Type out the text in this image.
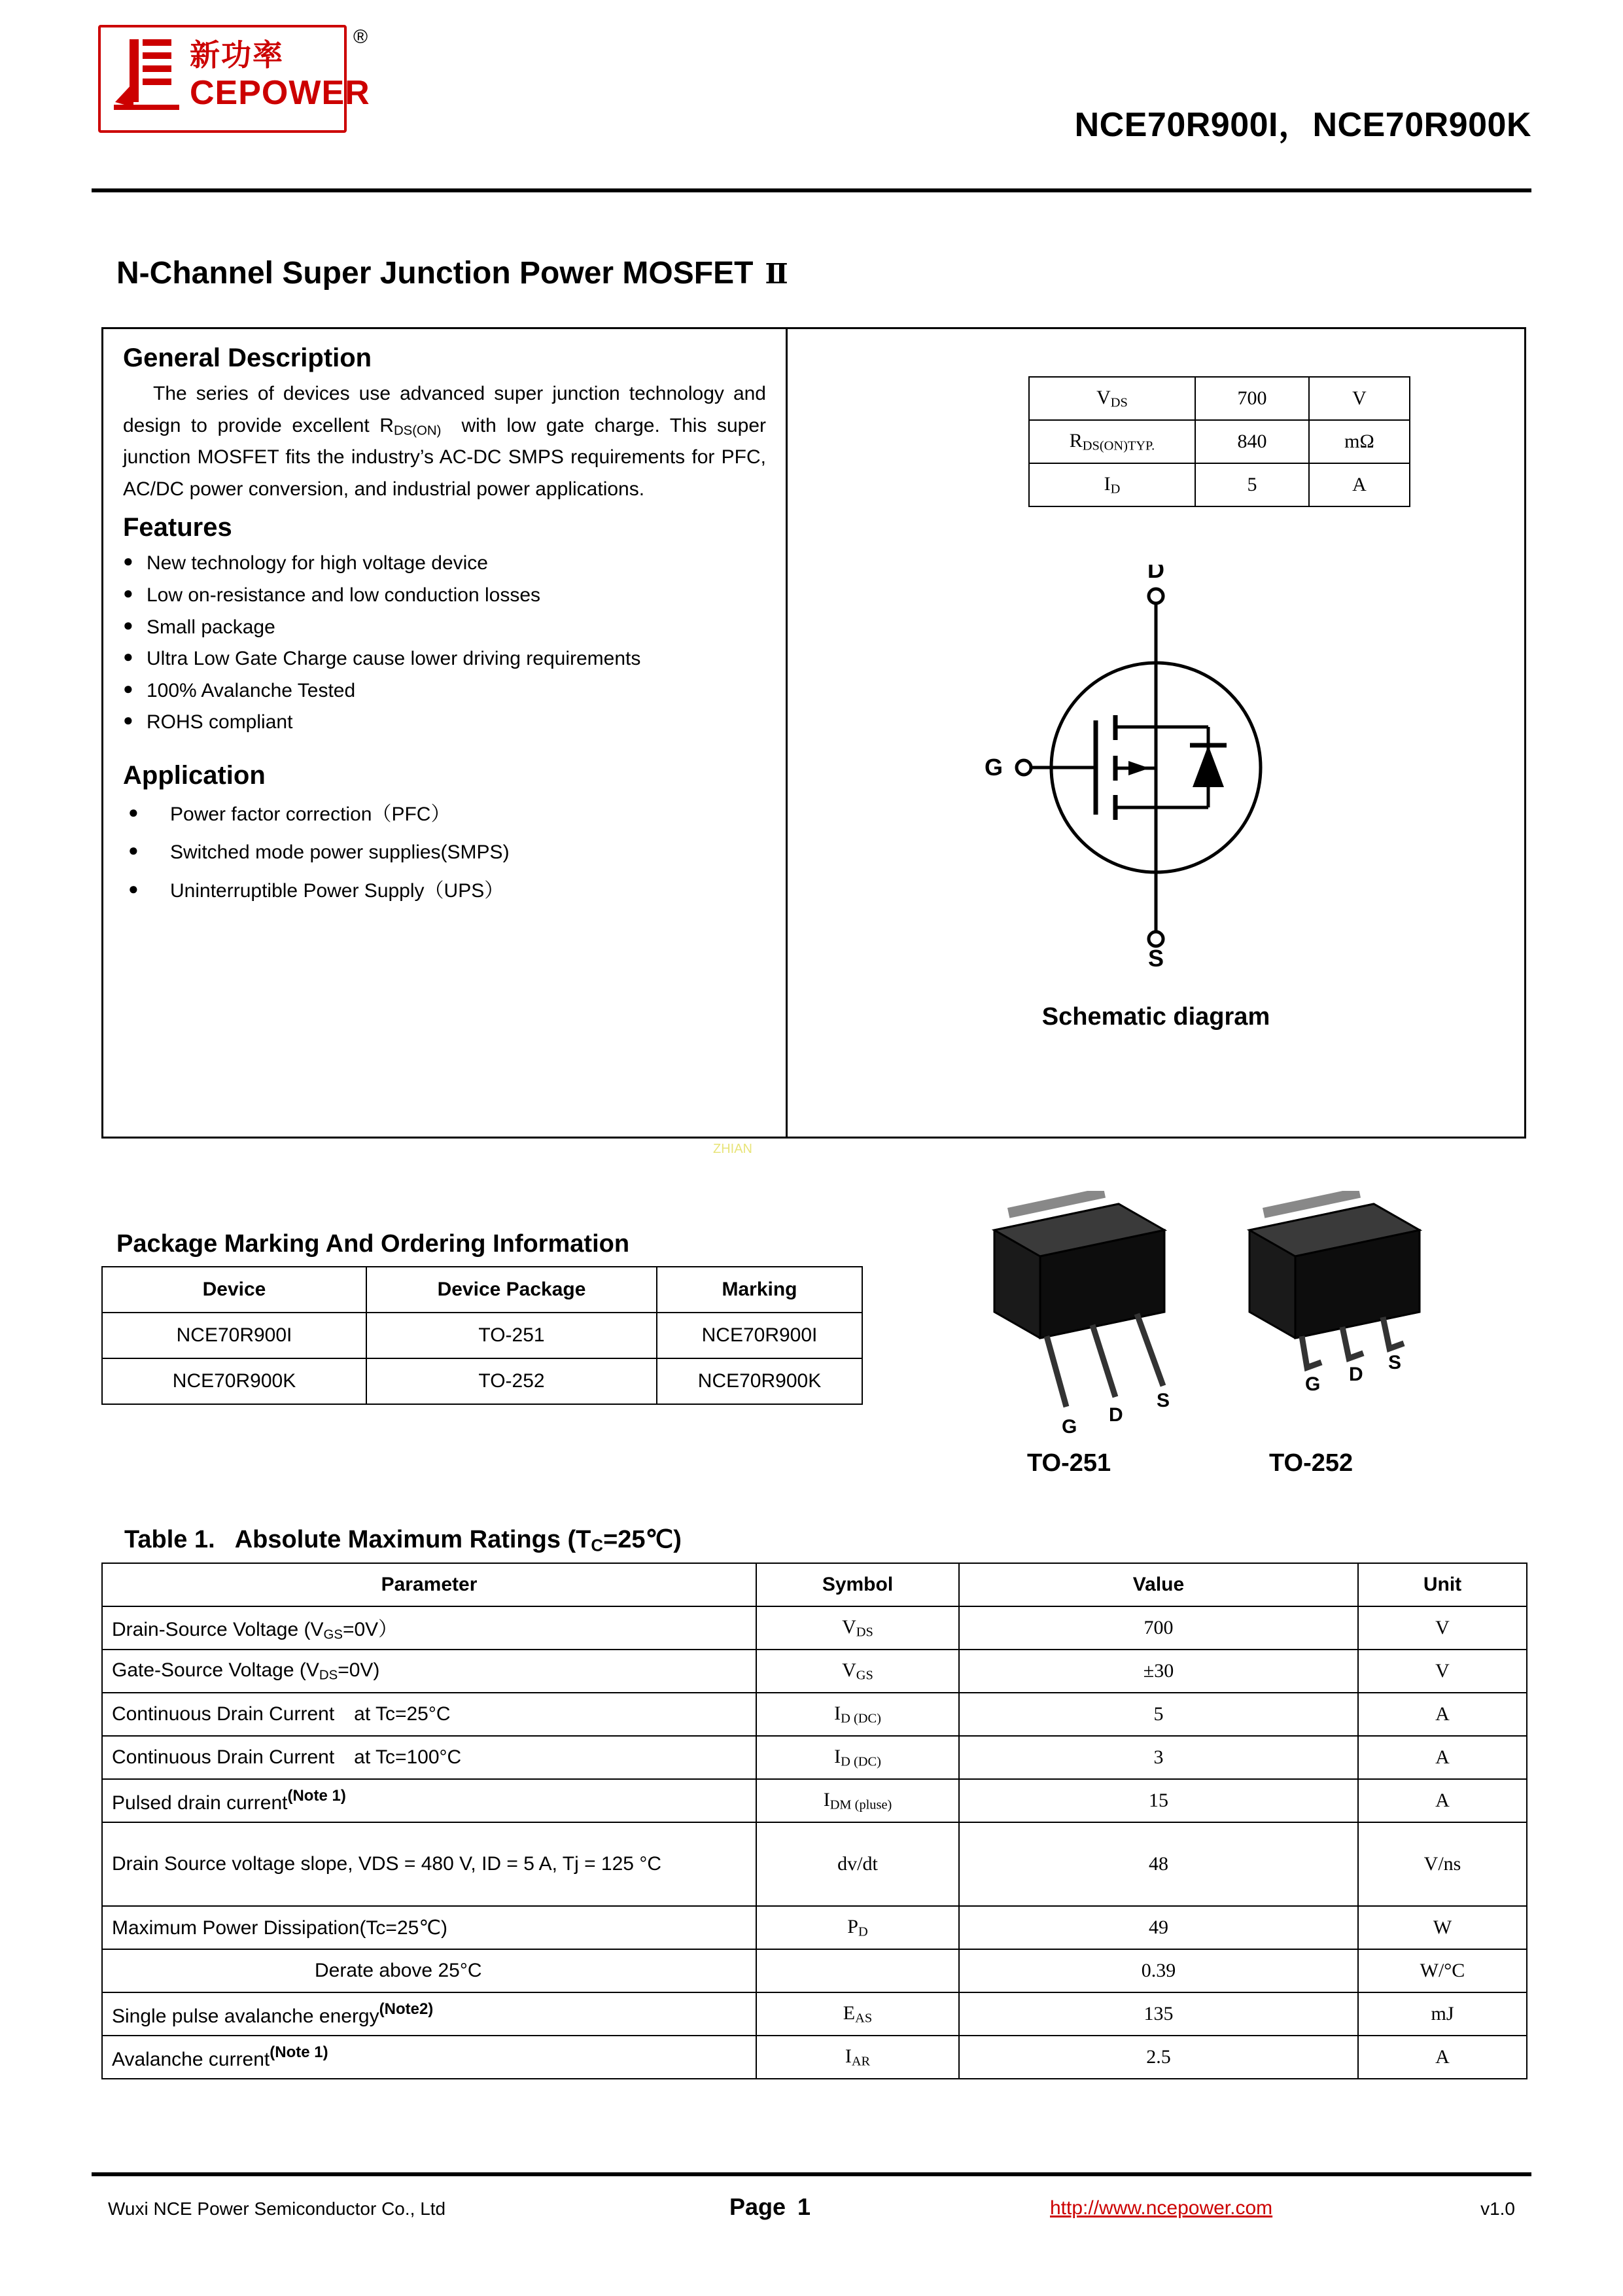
新功率
CEPOWER
®
NCE70R900I，NCE70R900K
N-Channel Super Junction Power MOSFET Ⅱ
General Description

The series of devices use advanced super junction technology and design to provide excellent $R_{DS(ON)}$ with low gate charge. This super junction MOSFET fits the industry’s AC-DC SMPS requirements for PFC, AC/DC power conversion, and industrial power applications.

Features
● New technology for high voltage device
● Low on-resistance and low conduction losses
● Small package
● Ultra Low Gate Charge cause lower driving requirements
● 100% Avalanche Tested
● ROHS compliant
Application
● Power factor correction（PFC）
● Switched mode power supplies(SMPS)
● Uninterruptible Power Supply（UPS）
$V_{DS}$	700	V
$R_{DS(ON)TYP.}$	840	mΩ
$I_D$	5	A
D
G
S
Schematic diagram
ZHIAN
Package Marking And Ordering Information
Device	Device Package	Marking
NCE70R900I	TO-251	NCE70R900I
NCE70R900K	TO-252	NCE70R900K
G
D
S
G D
S
TO-251	TO-252
Table 1. Absolute Maximum Ratings $(T_C=25℃)$
Parameter	Symbol	Value	Unit
Drain-Source Voltage $(V_{GS}=0V)$	$V_{DS}$	700	V
Gate-Source Voltage $(V_{DS}=0V)$	$V_{GS}$	±30	V
Continuous Drain Current at Tc=25°C	$I_{D (DC)}$	5	A
Continuous Drain Current at Tc=100°C	$I_{D (DC)}$	3	A
Pulsed drain current$^{(Note 1)}$	$I_{DM (pluse)}$	15	A
Drain Source voltage slope, VDS = 480 V, ID = 5 A, Tj = 125 °C	dv/dt	48	V/ns
Maximum Power Dissipation(Tc=25℃)	$P_D$	49	W
Derate above 25°C		0.39	W/°C
Single pulse avalanche energy$^{(Note2)}$	$E_{AS}$	135	mJ
Avalanche current$^{(Note 1)}$	$I_{AR}$	2.5	A
Wuxi NCE Power Semiconductor Co., Ltd	Page 1	http://www.ncepower.com	v1.0
